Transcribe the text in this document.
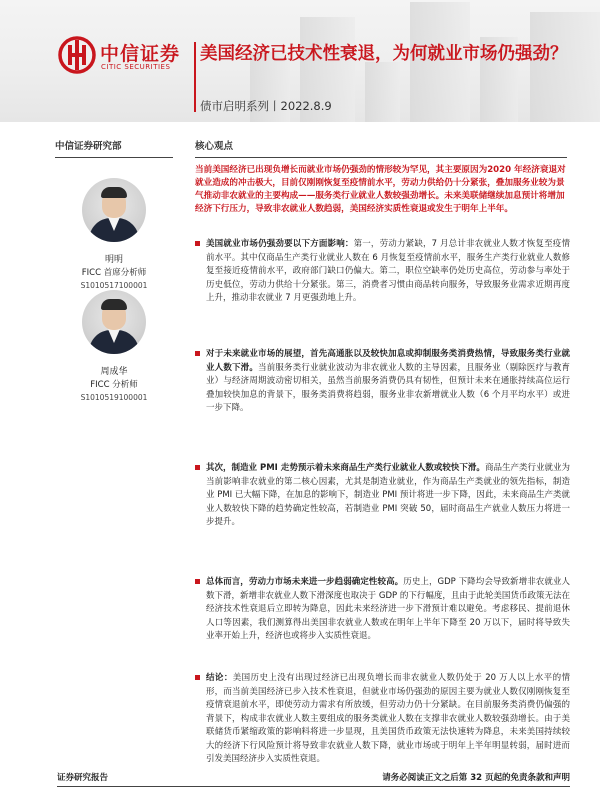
中信证券
CITIC SECURITIES
美国经济已技术性衰退，为何就业市场仍强劲？
债市启明系列丨2022.8.9
中信证券研究部	核心观点
明明
FICC 首席分析师
S1010517100001
周成华
FICC 分析师
S1010519100001
当前美国经济已出现负增长而就业市场仍强劲的情形较为罕见，其主要原因为2020 年经济衰退对就业造成的冲击极大，目前仅刚刚恢复至疫情前水平，劳动力供给仍十分紧张，叠加服务业较为景气推动非农就业的主要构成——服务类行业就业人数较强劲增长。未来美联储继续加息预计将增加经济下行压力，导致非农就业人数趋弱，美国经济实质性衰退或发生于明年上半年。

美国就业市场仍强劲要以下方面影响：第一，劳动力紧缺，7 月总计非农就业人数才恢复至疫情前水平。其中仅商品生产类行业就业人数在 6 月恢复至疫情前水平，服务生产类行业就业人数修复至接近疫情前水平，政府部门缺口仍偏大。第二，职位空缺率仍处历史高位，劳动参与率处于历史低位，劳动力供给十分紧张。第三，消费者习惯由商品转向服务，导致服务业需求近期再度上升，推动非农就业 7 月更强劲地上升。

对于未来就业市场的展望，首先高通胀以及较快加息或抑制服务类消费热情，导致服务类行业就业人数下滑。当前服务类行业就业波动为非农就业人数的主导因素，且服务业（剔除医疗与教育业）与经济周期波动密切相关，虽然当前服务消费仍具有韧性，但预计未来在通胀持续高位运行叠加较快加息的背景下，服务类消费将趋弱，服务业非农新增就业人数（6 个月平均水平）或进一步下降。

其次，制造业 PMI 走势预示着未来商品生产类行业就业人数或较快下滑。商品生产类行业就业为当前影响非农就业的第二核心因素，尤其是制造业就业，作为商品生产类就业的领先指标，制造业 PMI 已大幅下降，在加息的影响下，制造业 PMI 预计将进一步下降，因此，未来商品生产类就业人数较快下降的趋势确定性较高，若制造业 PMI 突破 50，届时商品生产就业人数压力将进一步提升。

总体而言，劳动力市场未来进一步趋弱确定性较高。历史上，GDP 下降均会导致新增非农就业人数下滑，新增非农就业人数下滑深度也取决于 GDP 的下行幅度，且由于此轮美国货币政策无法在经济技术性衰退后立即转为降息，因此未来经济进一步下滑预计难以避免。考虑移民、提前退休人口等因素，我们测算得出美国非农就业人数或在明年上半年下降至 20 万以下，届时将导致失业率开始上升，经济也或将步入实质性衰退。

结论：美国历史上没有出现过经济已出现负增长而非农就业人数仍处于 20 万人以上水平的情形，而当前美国经济已步入技术性衰退，但就业市场仍强劲的原因主要为就业人数仅刚刚恢复至疫情衰退前水平，即使劳动力需求有所放缓，但劳动力仍十分紧缺。在目前服务类消费仍偏强的背景下，构成非农就业人数主要组成的服务类就业人数在支撑非农就业人数较强劲增长。由于美联储货币紧缩政策的影响料将进一步显现，且美国货币政策无法快速转为降息，未来美国持续较大的经济下行风险预计将导致非农就业人数下降，就业市场或于明年上半年明显转弱，届时进而引发美国经济步入实质性衰退。

证券研究报告	请务必阅读正文之后第 32 页起的免责条款和声明
